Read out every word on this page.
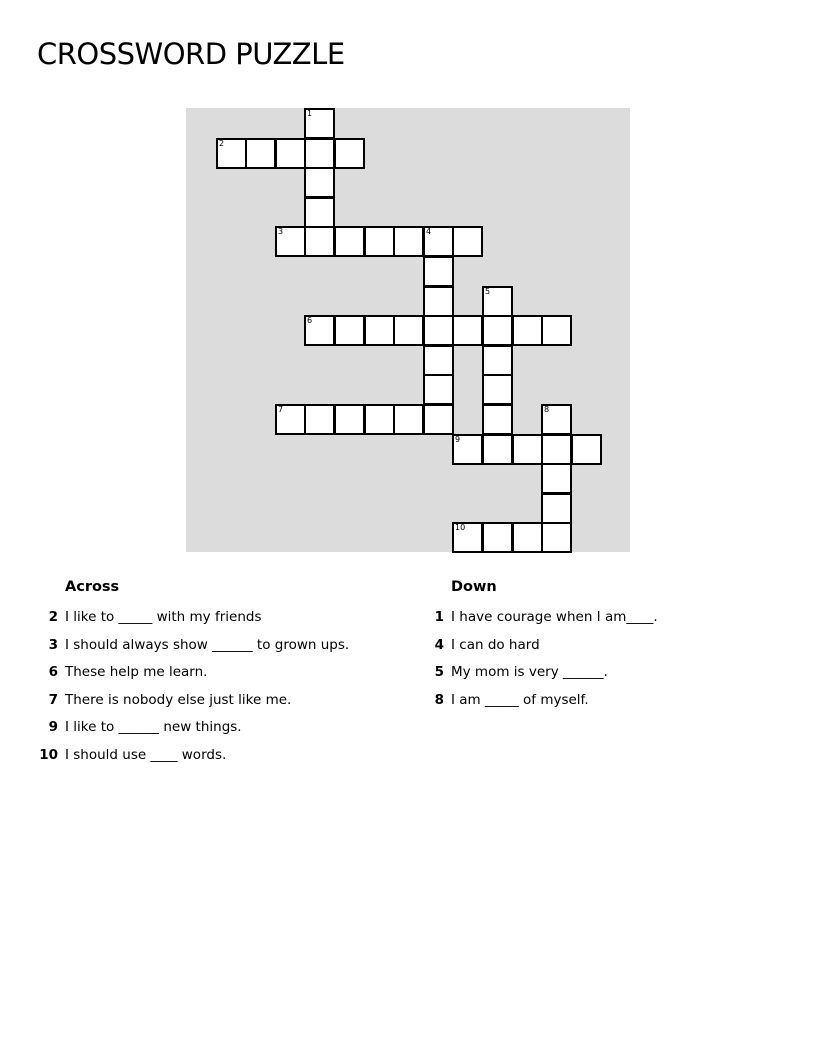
CROSSWORD PUZZLE
1
2
3	4
5
6
7	8
9
10
Across
2 I like to _____ with my friends
3 I should always show ______ to grown ups.
6 These help me learn.
7 There is nobody else just like me.
9 I like to ______ new things.
10 I should use ____ words.
Down
1 I have courage when I am____.
4 I can do hard
5 My mom is very ______.
8 I am _____ of myself.
